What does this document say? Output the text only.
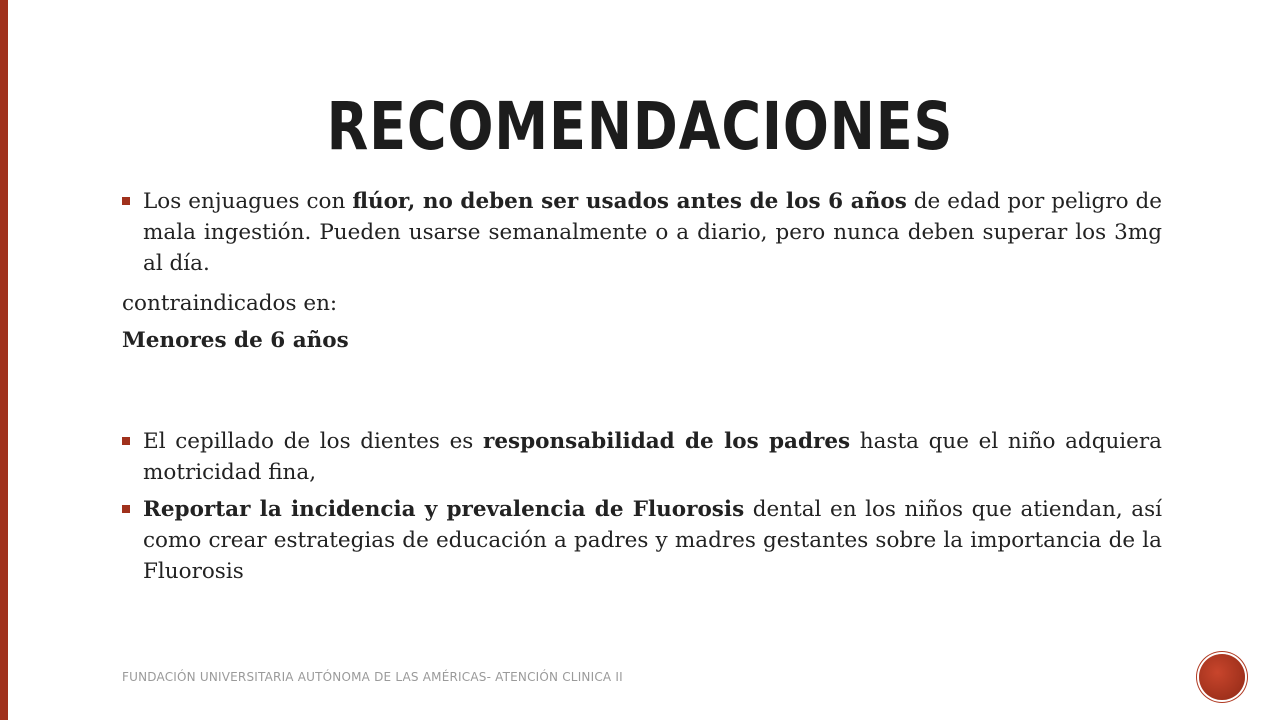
RECOMENDACIONES
Los enjuagues con flúor, no deben ser usados antes de los 6 años de edad por peligro de mala ingestión. Pueden usarse semanalmente o a diario, pero nunca deben superar los 3mg al día.

contraindicados en:

Menores de 6 años

El cepillado de los dientes es responsabilidad de los padres hasta que el niño adquiera motricidad fina,
Reportar la incidencia y prevalencia de Fluorosis dental en los niños que atiendan, así como crear estrategias de educación a padres y madres gestantes sobre la importancia de la Fluorosis
FUNDACIÓN UNIVERSITARIA AUTÓNOMA DE LAS AMÉRICAS- ATENCIÓN CLINICA II
